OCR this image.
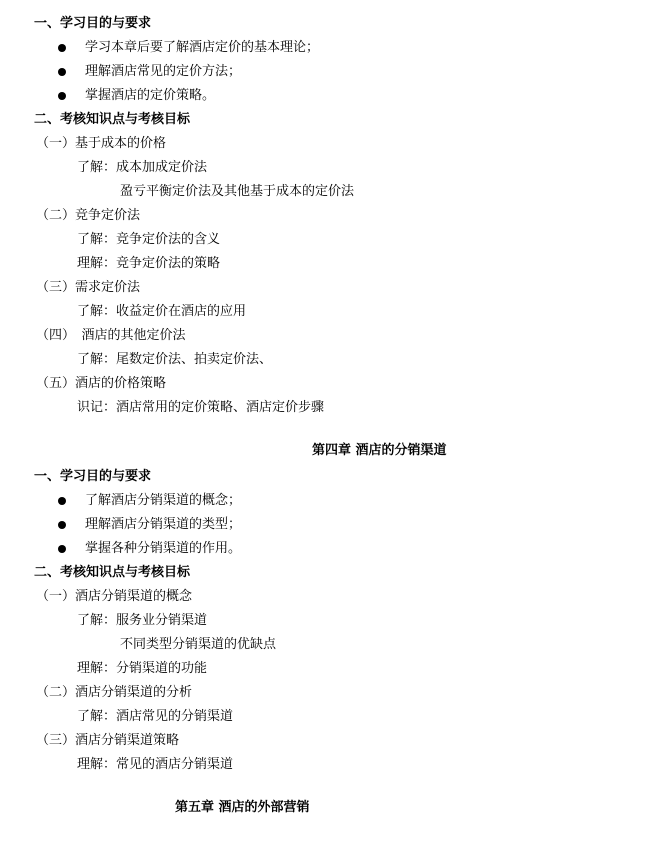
一、学习目的与要求
学习本章后要了解酒店定价的基本理论；
理解酒店常见的定价方法；
掌握酒店的定价策略。
二、考核知识点与考核目标
（一）基于成本的价格
了解：成本加成定价法
盈亏平衡定价法及其他基于成本的定价法
（二）竞争定价法
了解：竞争定价法的含义
理解：竞争定价法的策略
（三）需求定价法
了解：收益定价在酒店的应用
（四）　酒店的其他定价法
了解：尾数定价法、拍卖定价法、
（五）酒店的价格策略
识记：酒店常用的定价策略、酒店定价步骤
第四章 酒店的分销渠道
一、学习目的与要求
了解酒店分销渠道的概念；
理解酒店分销渠道的类型；
掌握各种分销渠道的作用。
二、考核知识点与考核目标
（一）酒店分销渠道的概念
了解：服务业分销渠道
不同类型分销渠道的优缺点
理解：分销渠道的功能
（二）酒店分销渠道的分析
了解：酒店常见的分销渠道
（三）酒店分销渠道策略
理解：常见的酒店分销渠道
第五章 酒店的外部营销
